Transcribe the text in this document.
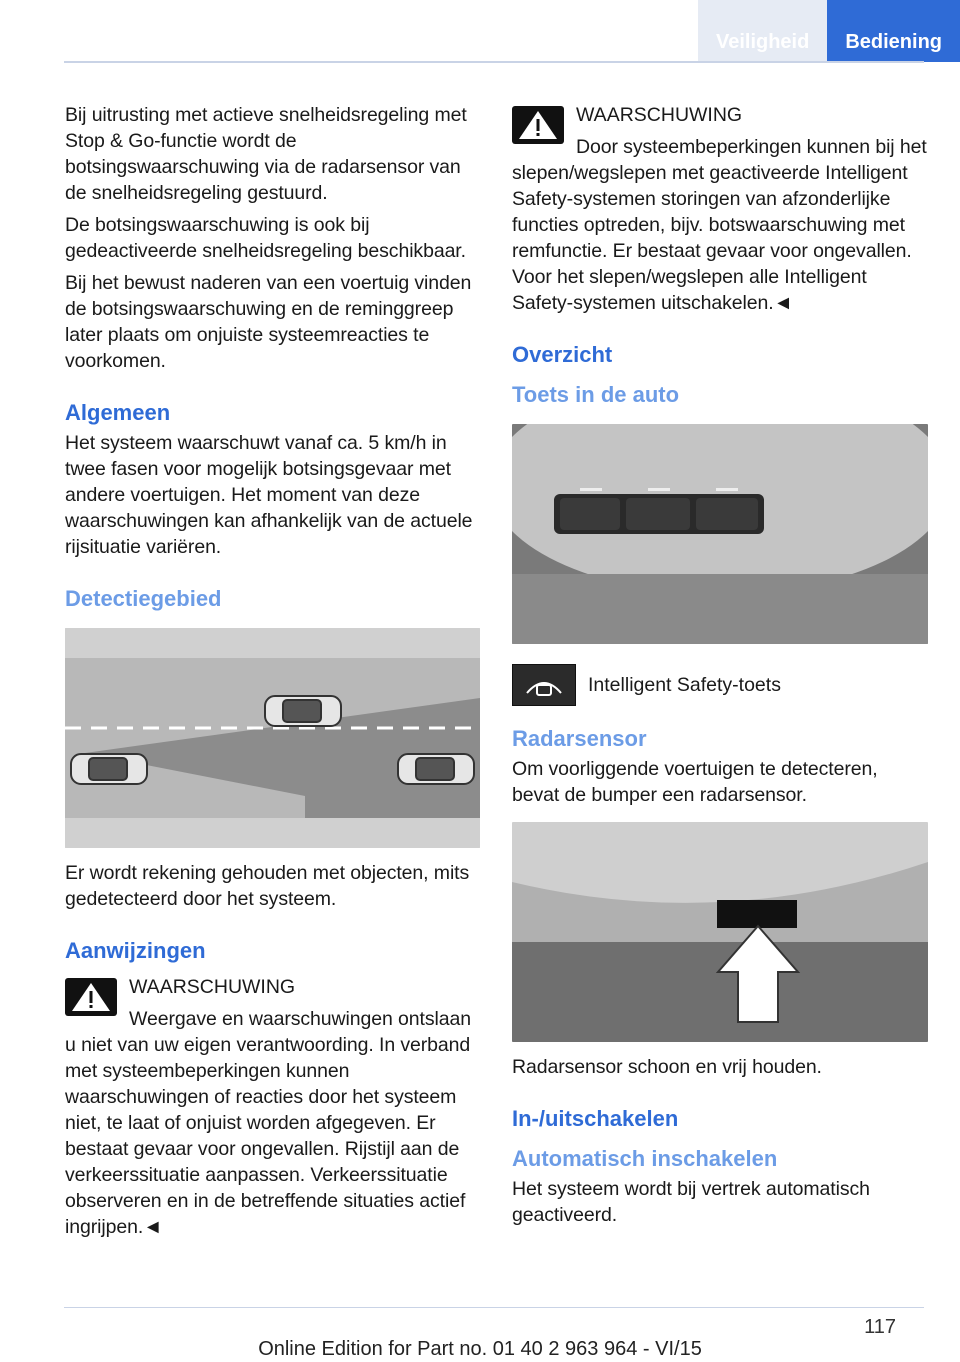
Veiligheid	Bediening

Bij uitrusting met actieve snelheidsregeling met Stop & Go-functie wordt de botsingswaarschuwing via de radarsensor van de snelheidsregeling gestuurd.

De botsingswaarschuwing is ook bij gedeactiveerde snelheidsregeling beschikbaar.

Bij het bewust naderen van een voertuig vinden de botsingswaarschuwing en de reminggreep later plaats om onjuiste systeemreacties te voorkomen.

Algemeen

Het systeem waarschuwt vanaf ca. 5 km/h in twee fasen voor mogelijk botsingsgevaar met andere voertuigen. Het moment van deze waarschuwingen kan afhankelijk van de actuele rijsituatie variëren.

Detectiegebied

Er wordt rekening gehouden met objecten, mits gedetecteerd door het systeem.

Aanwijzingen
WAARSCHUWING

Weergave en waarschuwingen ontslaan u niet van uw eigen verantwoording. In verband met systeembeperkingen kunnen waarschuwingen of reacties door het systeem niet, te laat of onjuist worden afgegeven. Er bestaat gevaar voor ongevallen. Rijstijl aan de verkeerssituatie aanpassen. Verkeerssituatie observeren en in de betreffende situaties actief ingrijpen.◄

WAARSCHUWING

Door systeembeperkingen kunnen bij het slepen/wegslepen met geactiveerde Intelligent Safety-systemen storingen van afzonderlijke functies optreden, bijv. botswaarschuwing met remfunctie. Er bestaat gevaar voor ongevallen. Voor het slepen/wegslepen alle Intelligent Safety-systemen uitschakelen.◄

Overzicht
Toets in de auto
Intelligent Safety-toets
Radarsensor

Om voorliggende voertuigen te detecteren, bevat de bumper een radarsensor.

Radarsensor schoon en vrij houden.

In-/uitschakelen
Automatisch inschakelen

Het systeem wordt bij vertrek automatisch geactiveerd.

117
Online Edition for Part no. 01 40 2 963 964 - VI/15
